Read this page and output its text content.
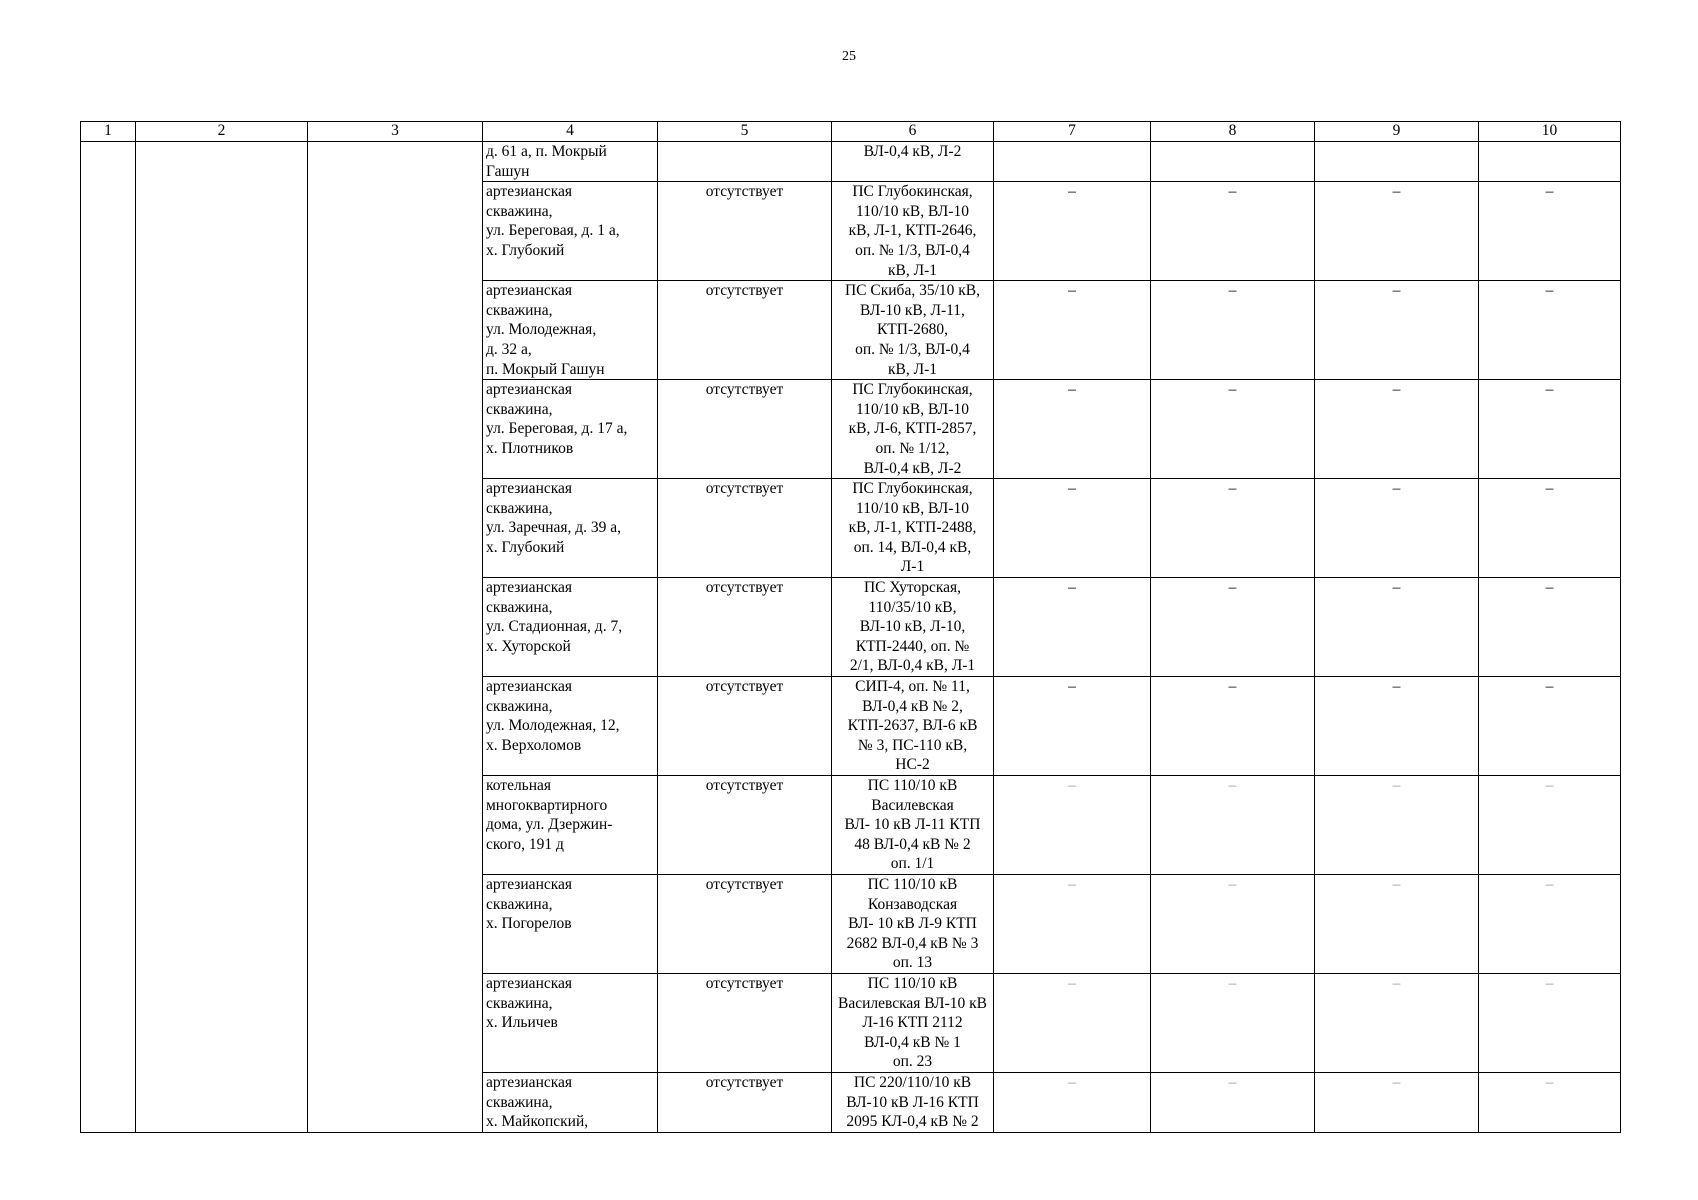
25
1	2	3	4	5	6	7	8	9	10

			д. 61 а, п. Мокрый
Гашун		ВЛ-0,4 кВ, Л-2				

			артезианская
скважина,
ул. Береговая, д. 1 а,
х. Глубокий	отсутствует	ПС Глубокинская,
110/10 кВ, ВЛ-10
кВ, Л-1, КТП-2646,
оп. № 1/3, ВЛ-0,4
кВ, Л-1	–	–	–	–

			артезианская
скважина,
ул. Молодежная,
д. 32 а,
п. Мокрый Гашун	отсутствует	ПС Скиба, 35/10 кВ,
ВЛ-10 кВ, Л-11,
КТП-2680,
оп. № 1/3, ВЛ-0,4
кВ, Л-1	–	–	–	–

			артезианская
скважина,
ул. Береговая, д. 17 а,
х. Плотников	отсутствует	ПС Глубокинская,
110/10 кВ, ВЛ-10
кВ, Л-6, КТП-2857,
оп. № 1/12,
ВЛ-0,4 кВ, Л-2	–	–	–	–

			артезианская
скважина,
ул. Заречная, д. 39 а,
х. Глубокий	отсутствует	ПС Глубокинская,
110/10 кВ, ВЛ-10
кВ, Л-1, КТП-2488,
оп. 14, ВЛ-0,4 кВ,
Л-1	–	–	–	–

			артезианская
скважина,
ул. Стадионная, д. 7,
х. Хуторской	отсутствует	ПС Хуторская,
110/35/10 кВ,
ВЛ-10 кВ, Л-10,
КТП-2440, оп. №
2/1, ВЛ-0,4 кВ, Л-1	–	–	–	–

			артезианская
скважина,
ул. Молодежная, 12,
х. Верхоломов	отсутствует	СИП-4, оп. № 11,
ВЛ-0,4 кВ № 2,
КТП-2637, ВЛ-6 кВ
№ 3, ПС-110 кВ,
НС-2	–	–	–	–

			котельная
многоквартирного
дома, ул. Дзержин-
ского, 191 д	отсутствует	ПС 110/10 кВ
Василевская
ВЛ- 10 кВ Л-11 КТП
48 ВЛ-0,4 кВ № 2
оп. 1/1	–	–	–	–

			артезианская
скважина,
х. Погорелов	отсутствует	ПС 110/10 кВ
Конзаводская
ВЛ- 10 кВ Л-9 КТП
2682 ВЛ-0,4 кВ № 3
оп. 13	–	–	–	–

			артезианская
скважина,
х. Ильичев	отсутствует	ПС 110/10 кВ
Василевская ВЛ-10 кВ
Л-16 КТП 2112
ВЛ-0,4 кВ № 1
оп. 23	–	–	–	–

			артезианская
скважина,
х. Майкопский,	отсутствует	ПС 220/110/10 кВ
ВЛ-10 кВ Л-16 КТП
2095 КЛ-0,4 кВ № 2	–	–	–	–
